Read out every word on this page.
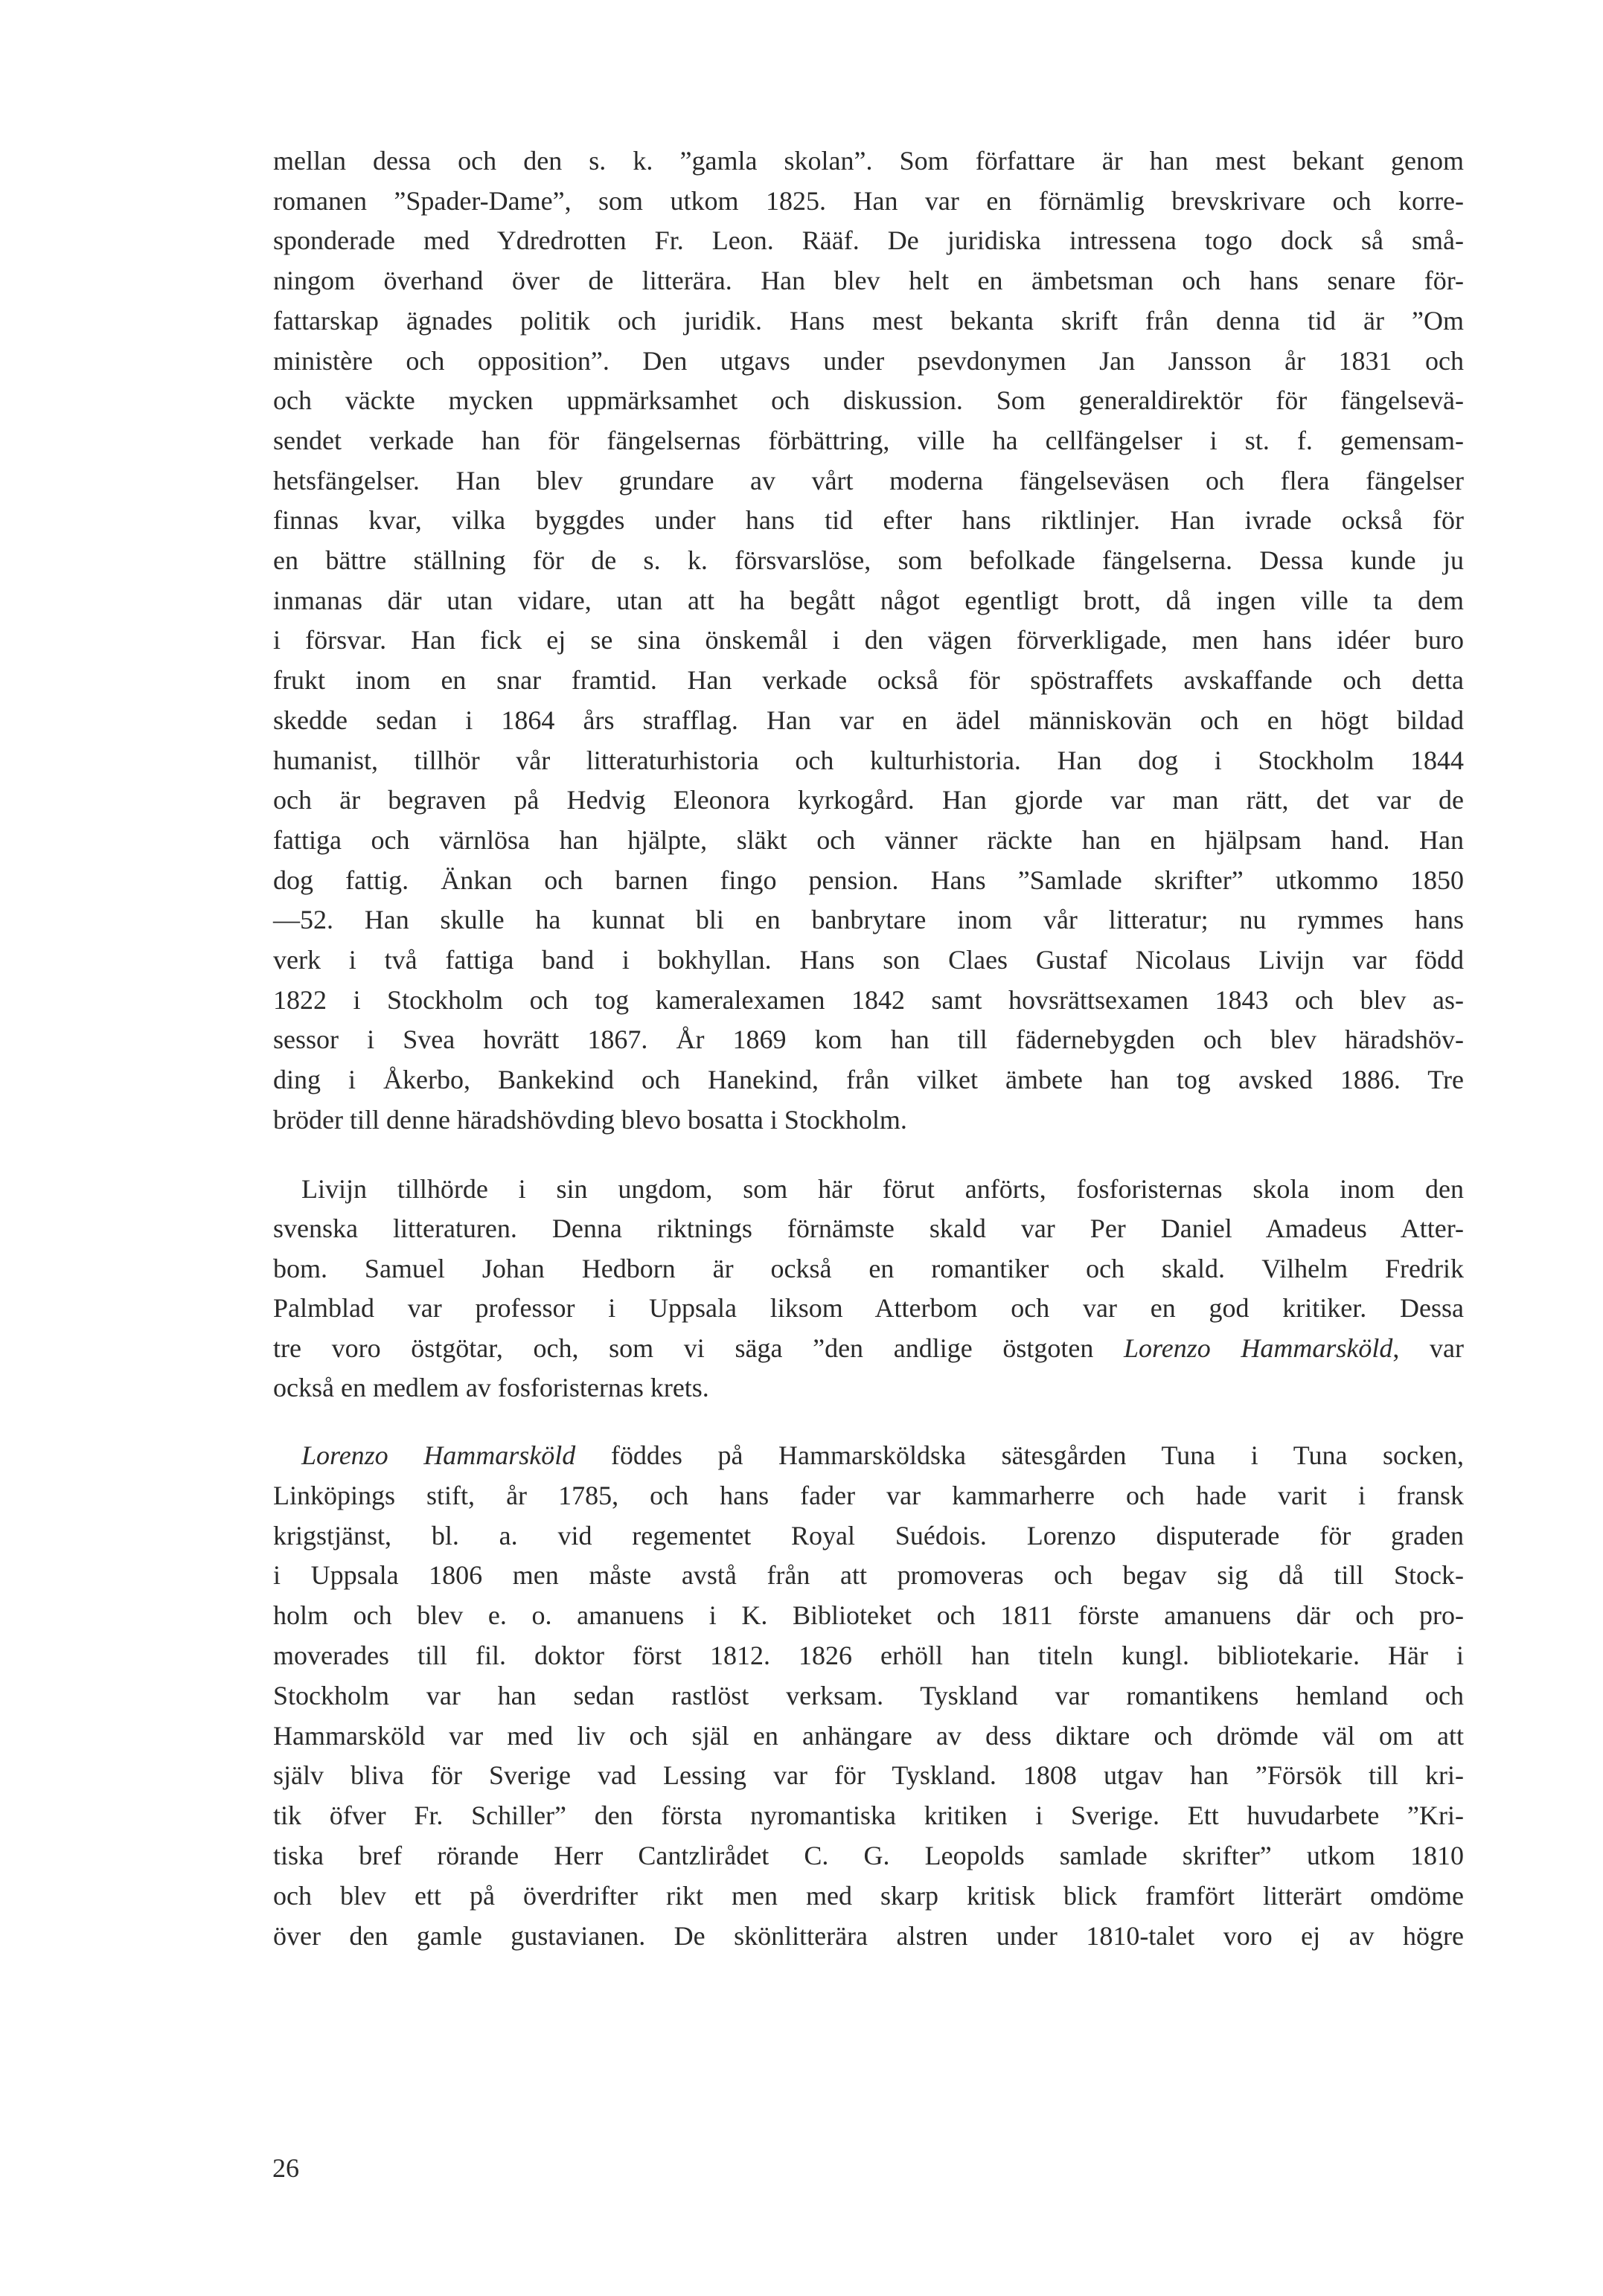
mellan dessa och den s. k. ”gamla skolan”. Som författare är han mest bekant genom
romanen ”Spader-Dame”, som utkom 1825. Han var en förnämlig brevskrivare och korre-
sponderade med Ydredrotten Fr. Leon. Rääf. De juridiska intressena togo dock så små-
ningom överhand över de litterära. Han blev helt en ämbetsman och hans senare för-
fattarskap ägnades politik och juridik. Hans mest bekanta skrift från denna tid är ”Om
ministère och opposition”. Den utgavs under psevdonymen Jan Jansson år 1831 och
och väckte mycken uppmärksamhet och diskussion. Som generaldirektör för fängelsevä-
sendet verkade han för fängelsernas förbättring, ville ha cellfängelser i st. f. gemensam-
hetsfängelser. Han blev grundare av vårt moderna fängelseväsen och flera fängelser
finnas kvar, vilka byggdes under hans tid efter hans riktlinjer. Han ivrade också för
en bättre ställning för de s. k. försvarslöse, som befolkade fängelserna. Dessa kunde ju
inmanas där utan vidare, utan att ha begått något egentligt brott, då ingen ville ta dem
i försvar. Han fick ej se sina önskemål i den vägen förverkligade, men hans idéer buro
frukt inom en snar framtid. Han verkade också för spöstraffets avskaffande och detta
skedde sedan i 1864 års strafflag. Han var en ädel människovän och en högt bildad
humanist, tillhör vår litteraturhistoria och kulturhistoria. Han dog i Stockholm 1844
och är begraven på Hedvig Eleonora kyrkogård. Han gjorde var man rätt, det var de
fattiga och värnlösa han hjälpte, släkt och vänner räckte han en hjälpsam hand. Han
dog fattig. Änkan och barnen fingo pension. Hans ”Samlade skrifter” utkommo 1850
—52. Han skulle ha kunnat bli en banbrytare inom vår litteratur; nu rymmes hans
verk i två fattiga band i bokhyllan. Hans son Claes Gustaf Nicolaus Livijn var född
1822 i Stockholm och tog kameralexamen 1842 samt hovsrättsexamen 1843 och blev as-
sessor i Svea hovrätt 1867. År 1869 kom han till fädernebygden och blev häradshöv-
ding i Åkerbo, Bankekind och Hanekind, från vilket ämbete han tog avsked 1886. Tre
bröder till denne häradshövding blevo bosatta i Stockholm.
Livijn tillhörde i sin ungdom, som här förut anförts, fosforisternas skola inom den
svenska litteraturen. Denna riktnings förnämste skald var Per Daniel Amadeus Atter-
bom. Samuel Johan Hedborn är också en romantiker och skald. Vilhelm Fredrik
Palmblad var professor i Uppsala liksom Atterbom och var en god kritiker. Dessa
tre voro östgötar, och, som vi säga ”den andlige östgoten Lorenzo Hammarsköld, var
också en medlem av fosforisternas krets.
Lorenzo Hammarsköld föddes på Hammarsköldska sätesgården Tuna i Tuna socken,
Linköpings stift, år 1785, och hans fader var kammarherre och hade varit i fransk
krigstjänst, bl. a. vid regementet Royal Suédois. Lorenzo disputerade för graden
i Uppsala 1806 men måste avstå från att promoveras och begav sig då till Stock-
holm och blev e. o. amanuens i K. Biblioteket och 1811 förste amanuens där och pro-
moverades till fil. doktor först 1812. 1826 erhöll han titeln kungl. bibliotekarie. Här i
Stockholm var han sedan rastlöst verksam. Tyskland var romantikens hemland och
Hammarsköld var med liv och själ en anhängare av dess diktare och drömde väl om att
själv bliva för Sverige vad Lessing var för Tyskland. 1808 utgav han ”Försök till kri-
tik öfver Fr. Schiller” den första nyromantiska kritiken i Sverige. Ett huvudarbete ”Kri-
tiska bref rörande Herr Cantzlirådet C. G. Leopolds samlade skrifter” utkom 1810
och blev ett på överdrifter rikt men med skarp kritisk blick framfört litterärt omdöme
över den gamle gustavianen. De skönlitterära alstren under 1810-talet voro ej av högre
26
